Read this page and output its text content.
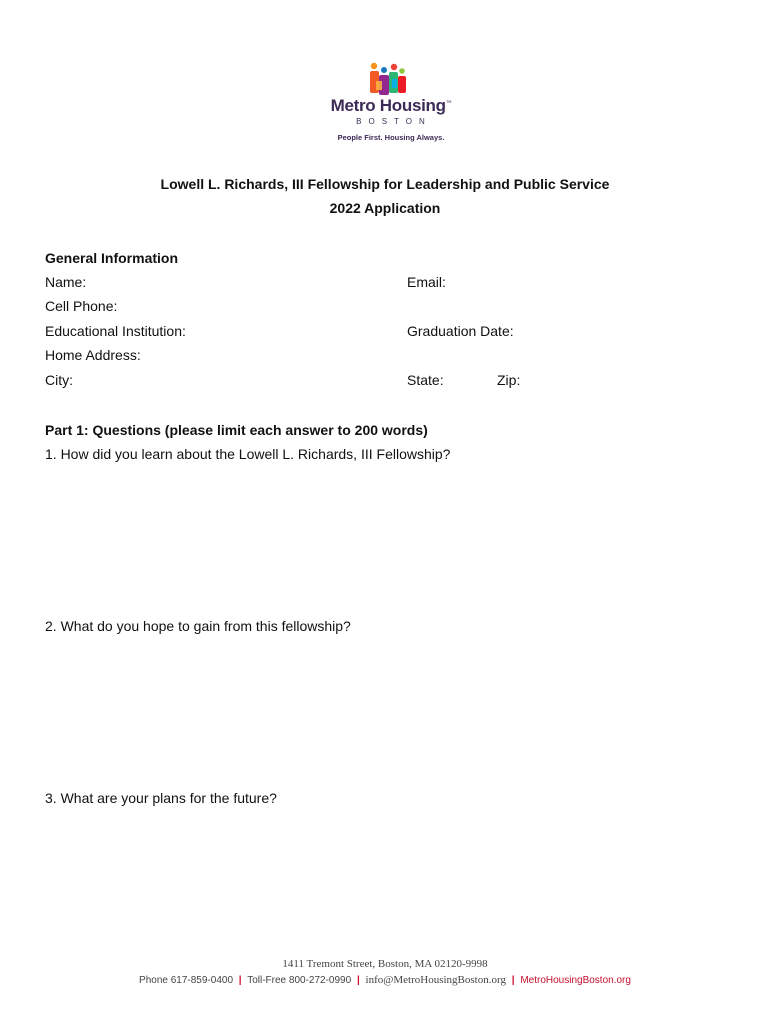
Metro Housing™
BOSTON
People First. Housing Always.
Lowell L. Richards, III Fellowship for Leadership and Public Service
2022 Application
General Information
Name:	Email:
Cell Phone:
Educational Institution:	Graduation Date:
Home Address:
City:	State:	Zip:
Part 1: Questions (please limit each answer to 200 words)
1. How did you learn about the Lowell L. Richards, III Fellowship?
2. What do you hope to gain from this fellowship?
3. What are your plans for the future?
1411 Tremont Street, Boston, MA 02120-9998
Phone 617-859-0400 | Toll-Free 800-272-0990 | info@MetroHousingBoston.org | MetroHousingBoston.org
